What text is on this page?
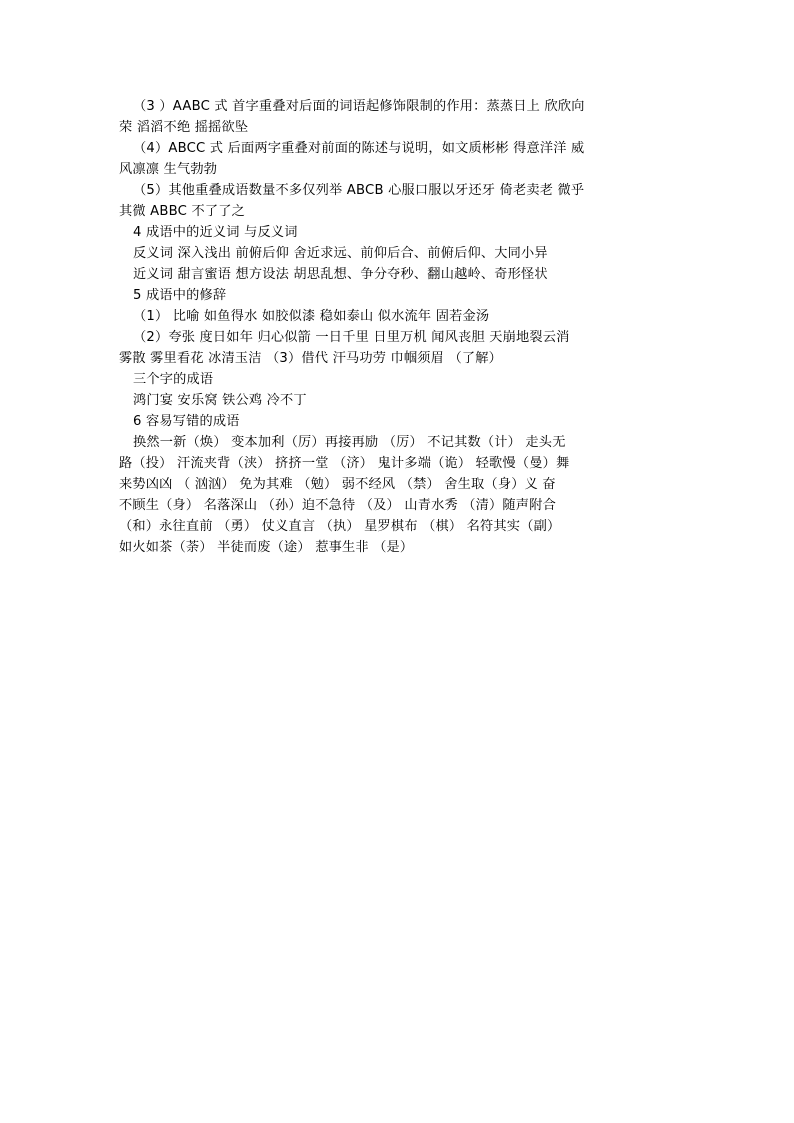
（3 ）AABC 式 首字重叠对后面的词语起修饰限制的作用：蒸蒸日上 欣欣向
荣 滔滔不绝 摇摇欲坠
（4）ABCC 式 后面两字重叠对前面的陈述与说明，如文质彬彬 得意洋洋 威
风凛凛 生气勃勃
（5）其他重叠成语数量不多仅列举 ABCB 心服口服以牙还牙 倚老卖老 微乎
其微 ABBC 不了了之
4 成语中的近义词 与反义词
反义词 深入浅出 前俯后仰 舍近求远、前仰后合、前俯后仰、大同小异
近义词 甜言蜜语 想方设法 胡思乱想、争分夺秒、翻山越岭、奇形怪状
5 成语中的修辞
（1） 比喻 如鱼得水 如胶似漆 稳如泰山 似水流年 固若金汤
（2）夸张 度日如年 归心似箭 一日千里 日里万机 闻风丧胆 天崩地裂云消
雾散 雾里看花 冰清玉洁 （3）借代 汗马功劳 巾帼须眉 （了解）
三个字的成语
鸿门宴 安乐窝 铁公鸡 冷不丁
6 容易写错的成语
换然一新（焕） 变本加利（厉）再接再励 （厉） 不记其数（计） 走头无
路（投） 汗流夹背（浃） 挤挤一堂 （济） 鬼计多端（诡） 轻歌慢（曼）舞
来势凶凶 （ 汹汹） 免为其难 （勉） 弱不经风 （禁） 舍生取（身）义 奋
不顾生（身） 名落深山 （孙）迫不急待 （及） 山青水秀 （清）随声附合
（和）永往直前 （勇） 仗义直言 （执） 星罗棋布 （棋） 名符其实（副）
如火如茶（荼） 半徒而废（途） 惹事生非 （是）
